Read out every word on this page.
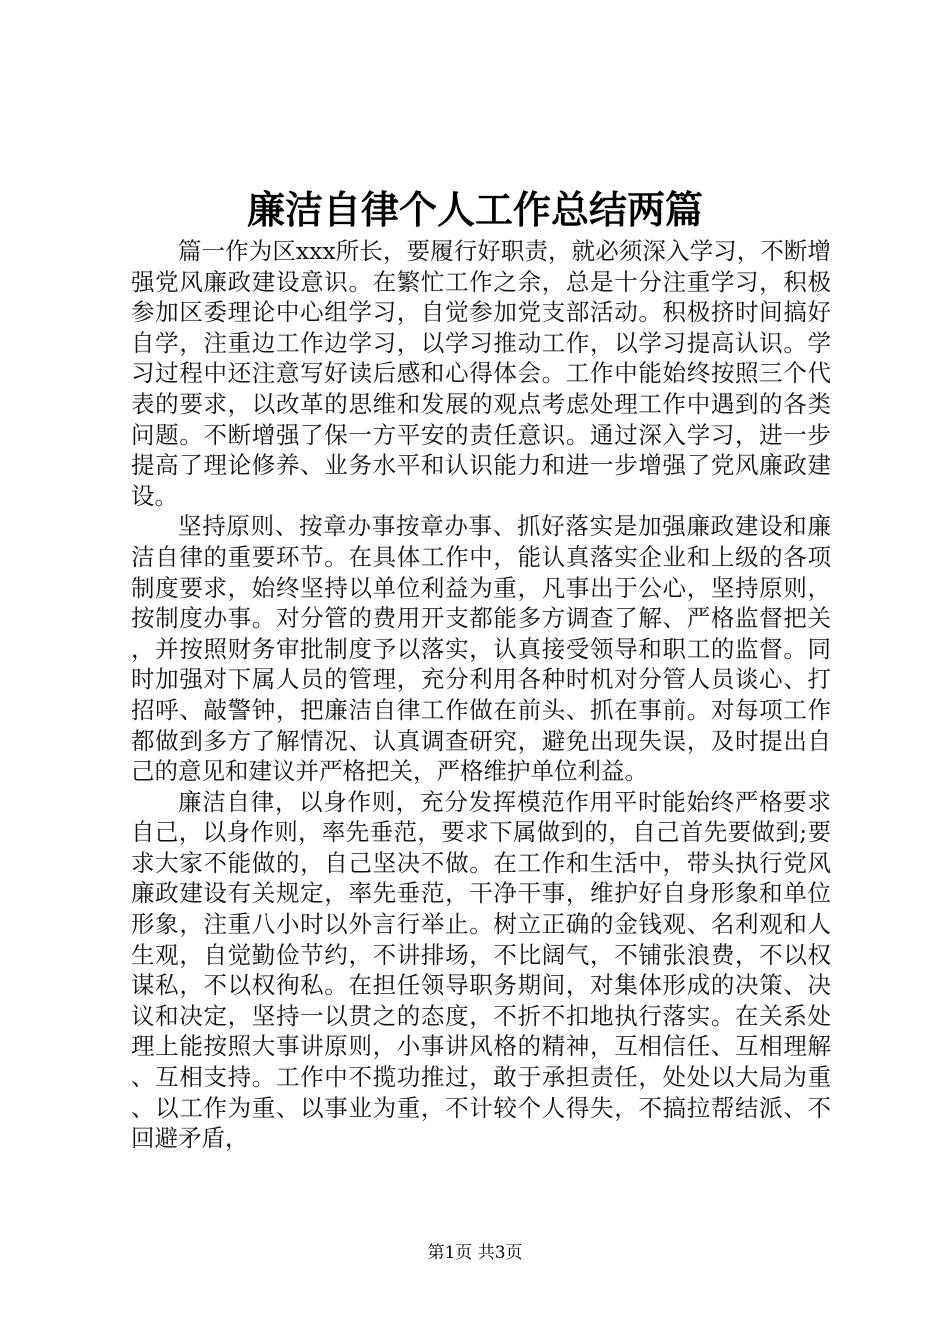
廉洁自律个人工作总结两篇

篇一作为区xxx所长，要履行好职责，就必须深入学习，不断增强党风廉政建设意识。在繁忙工作之余，总是十分注重学习，积极参加区委理论中心组学习，自觉参加党支部活动。积极挤时间搞好自学，注重边工作边学习，以学习推动工作，以学习提高认识。学习过程中还注意写好读后感和心得体会。工作中能始终按照三个代表的要求，以改革的思维和发展的观点考虑处理工作中遇到的各类问题。不断增强了保一方平安的责任意识。通过深入学习，进一步提高了理论修养、业务水平和认识能力和进一步增强了党风廉政建设。

坚持原则、按章办事按章办事、抓好落实是加强廉政建设和廉洁自律的重要环节。在具体工作中，能认真落实企业和上级的各项制度要求，始终坚持以单位利益为重，凡事出于公心，坚持原则，按制度办事。对分管的费用开支都能多方调查了解、严格监督把关，并按照财务审批制度予以落实，认真接受领导和职工的监督。同时加强对下属人员的管理，充分利用各种时机对分管人员谈心、打招呼、敲警钟，把廉洁自律工作做在前头、抓在事前。对每项工作都做到多方了解情况、认真调查研究，避免出现失误，及时提出自己的意见和建议并严格把关，严格维护单位利益。

廉洁自律，以身作则，充分发挥模范作用平时能始终严格要求自己，以身作则，率先垂范，要求下属做到的，自己首先要做到;要求大家不能做的，自己坚决不做。在工作和生活中，带头执行党风廉政建设有关规定，率先垂范，干净干事，维护好自身形象和单位形象，注重八小时以外言行举止。树立正确的金钱观、名利观和人生观，自觉勤俭节约，不讲排场，不比阔气，不铺张浪费，不以权谋私，不以权徇私。在担任领导职务期间，对集体形成的决策、决议和决定，坚持一以贯之的态度，不折不扣地执行落实。在关系处理上能按照大事讲原则，小事讲风格的精神，互相信任、互相理解、互相支持。工作中不揽功推过，敢于承担责任，处处以大局为重、以工作为重、以事业为重，不计较个人得失，不搞拉帮结派、不回避矛盾，

第1页 共3页
